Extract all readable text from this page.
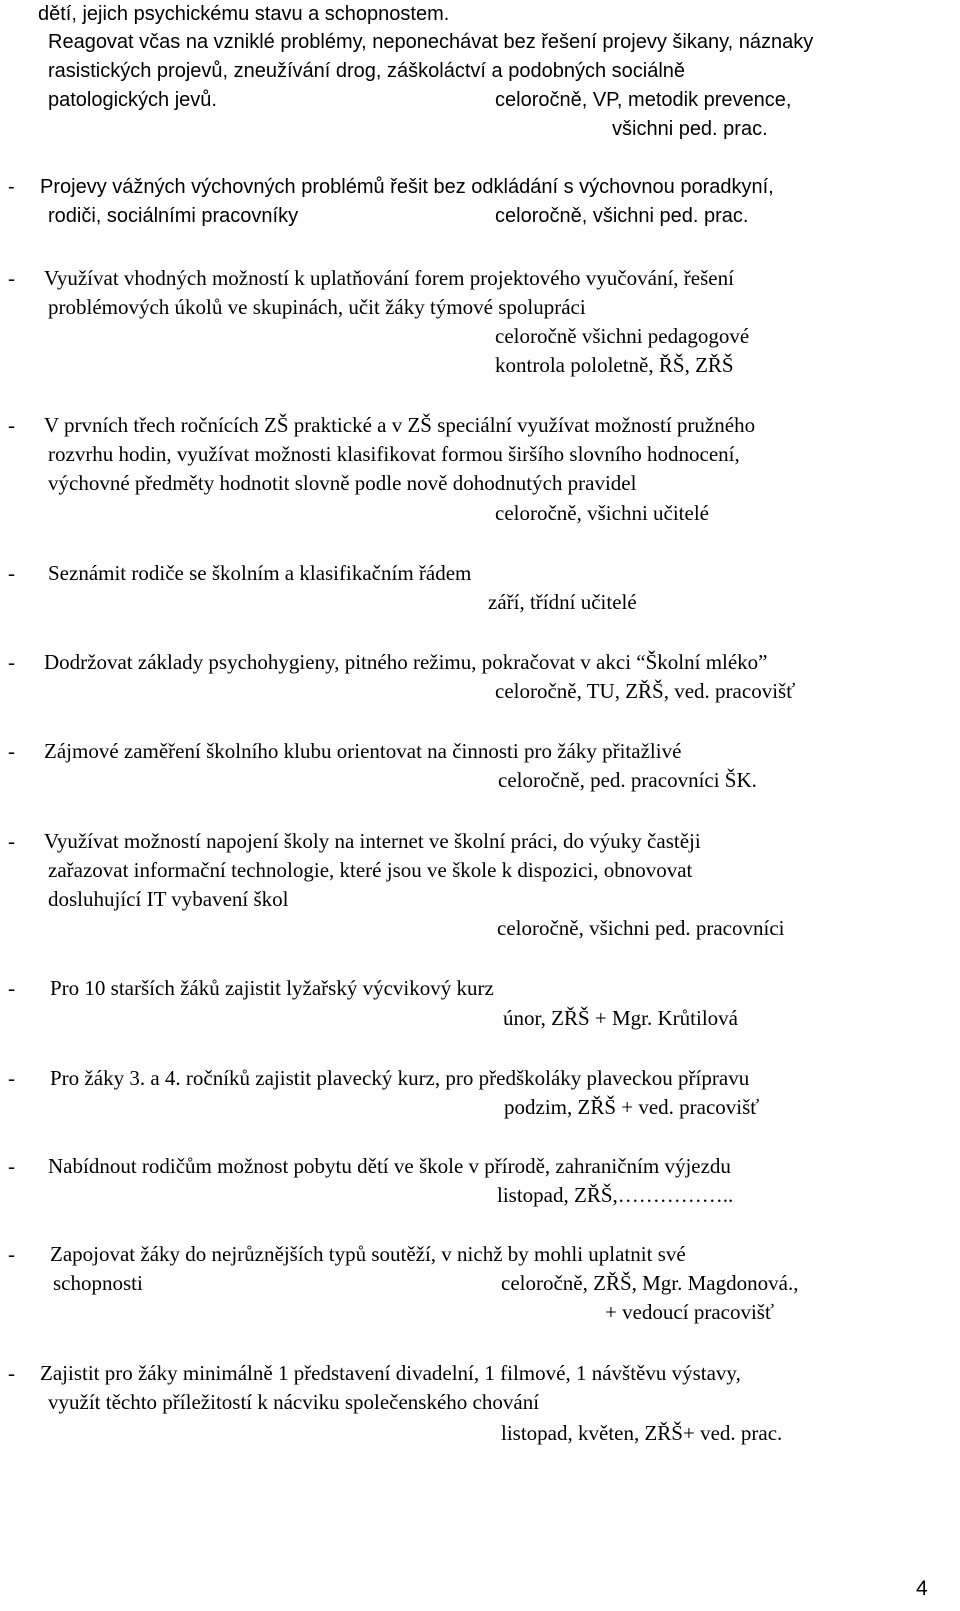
dětí, jejich psychickému stavu a schopnostem.
Reagovat včas na vzniklé problémy, neponechávat bez řešení projevy šikany, náznaky
rasistických projevů, zneužívání drog, záškoláctví a podobných sociálně
patologických jevů.	celoročně, VP, metodik prevence,
všichni ped. prac.
- Projevy vážných výchovných problémů řešit bez odkládání s výchovnou poradkyní,
rodiči, sociálními pracovníky	celoročně, všichni ped. prac.
- Využívat vhodných možností k uplatňování forem projektového vyučování, řešení
problémových úkolů ve skupinách, učit žáky týmové spolupráci
celoročně všichni pedagogové
kontrola pololetně, ŘŠ, ZŘŠ
- V prvních třech ročnících ZŠ praktické a v ZŠ speciální využívat možností pružného
rozvrhu hodin, využívat možnosti klasifikovat formou širšího slovního hodnocení,
výchovné předměty hodnotit slovně podle nově dohodnutých pravidel
celoročně, všichni učitelé
- Seznámit rodiče se školním a klasifikačním řádem
září, třídní učitelé
- Dodržovat základy psychohygieny, pitného režimu, pokračovat v akci “Školní mléko”
celoročně, TU, ZŘŠ, ved. pracovišť
- Zájmové zaměření školního klubu orientovat na činnosti pro žáky přitažlivé
celoročně, ped. pracovníci ŠK.
- Využívat možností napojení školy na internet ve školní práci, do výuky častěji
zařazovat informační technologie, které jsou ve škole k dispozici, obnovovat
dosluhující IT vybavení škol
celoročně, všichni ped. pracovníci
- Pro 10 starších žáků zajistit lyžařský výcvikový kurz
únor, ZŘŠ + Mgr. Krůtilová
- Pro žáky 3. a 4. ročníků zajistit plavecký kurz, pro předškoláky plaveckou přípravu
podzim, ZŘŠ + ved. pracovišť
- Nabídnout rodičům možnost pobytu dětí ve škole v přírodě, zahraničním výjezdu
listopad, ZŘŠ,……………..
- Zapojovat žáky do nejrůznějších typů soutěží, v nichž by mohli uplatnit své
schopnosti	celoročně, ZŘŠ, Mgr. Magdonová.,
+ vedoucí pracovišť
- Zajistit pro žáky minimálně 1 představení divadelní, 1 filmové, 1 návštěvu výstavy,
využít těchto příležitostí k nácviku společenského chování
listopad, květen, ZŘŠ+ ved. prac.
4
